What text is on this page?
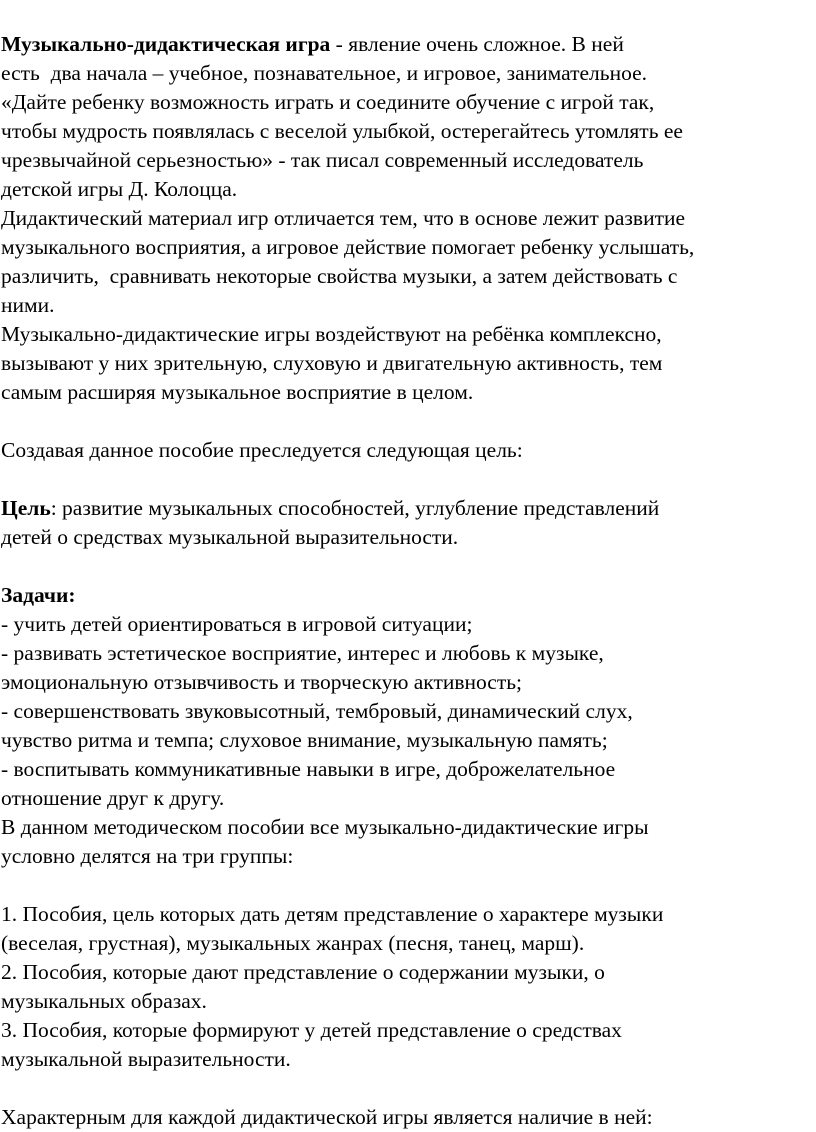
Музыкально-дидактическая игра - явление очень сложное. В ней
есть  два начала – учебное, познавательное, и игровое, занимательное.
«Дайте ребенку возможность играть и соедините обучение с игрой так,
чтобы мудрость появлялась с веселой улыбкой, остерегайтесь утомлять ее
чрезвычайной серьезностью» - так писал современный исследователь
детской игры Д. Колоцца.
Дидактический материал игр отличается тем, что в основе лежит развитие
музыкального восприятия, а игровое действие помогает ребенку услышать,
различить,  сравнивать некоторые свойства музыки, а затем действовать с
ними.
Музыкально-дидактические игры воздействуют на ребёнка комплексно,
вызывают у них зрительную, слуховую и двигательную активность, тем
самым расширяя музыкальное восприятие в целом.
Создавая данное пособие преследуется следующая цель:
Цель: развитие музыкальных способностей, углубление представлений
детей о средствах музыкальной выразительности.
Задачи:
- учить детей ориентироваться в игровой ситуации;
- развивать эстетическое восприятие, интерес и любовь к музыке,
эмоциональную отзывчивость и творческую активность;
- совершенствовать звуковысотный, тембровый, динамический слух,
чувство ритма и темпа; слуховое внимание, музыкальную память;
- воспитывать коммуникативные навыки в игре, доброжелательное
отношение друг к другу.
В данном методическом пособии все музыкально-дидактические игры
условно делятся на три группы:
1. Пособия, цель которых дать детям представление о характере музыки
(веселая, грустная), музыкальных жанрах (песня, танец, марш).
2. Пособия, которые дают представление о содержании музыки, о
музыкальных образах.
3. Пособия, которые формируют у детей представление о средствах
музыкальной выразительности.
Характерным для каждой дидактической игры является наличие в ней:
